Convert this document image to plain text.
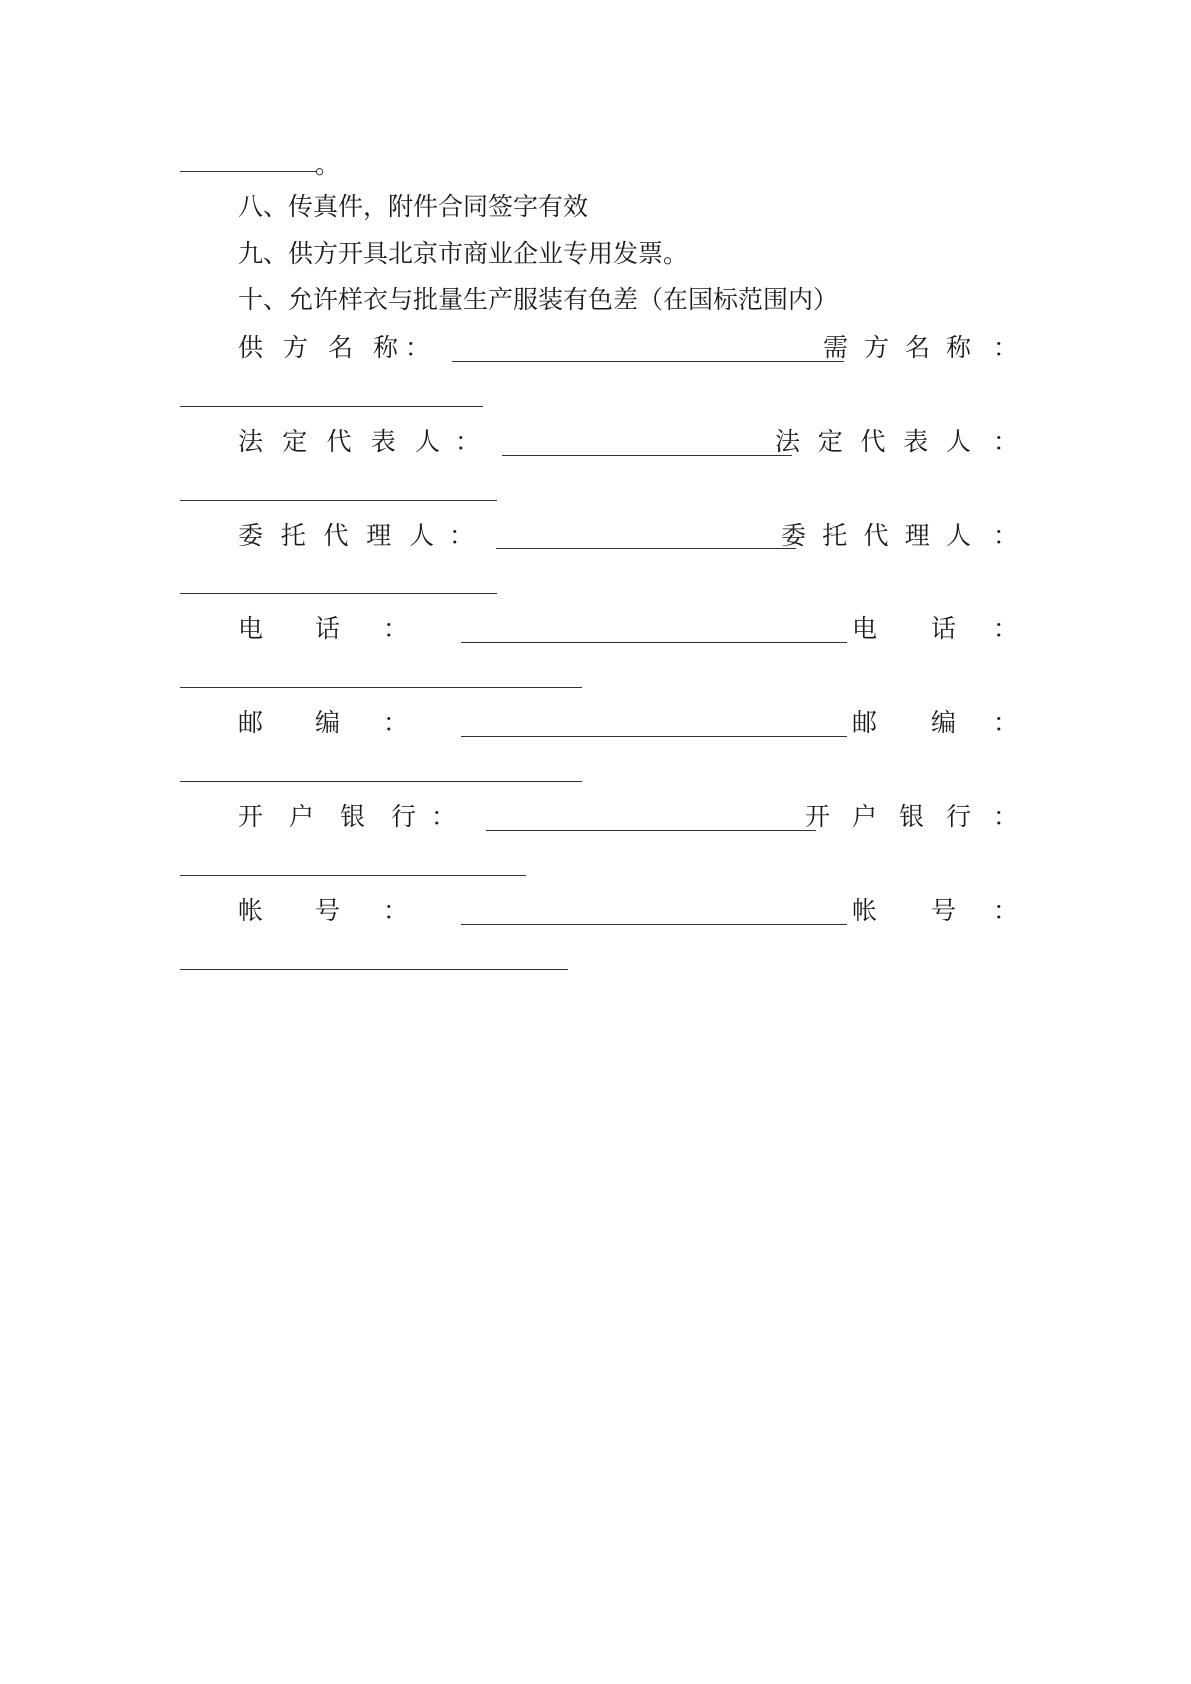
。
八、传真件，附件合同签字有效
九、供方开具北京市商业企业专用发票。
十、允许样衣与批量生产服装有色差（在国标范围内）
供 方 名 称 ：	需 方 名 称 ：
法 定 代 表 人 ：	法 定 代 表 人 ：
委 托 代 理 人 ：	委 托 代 理 人 ：
电 话 ：	电 话 ：
邮 编 ：	邮 编 ：
开 户 银 行 ：	开 户 银 行 ：
帐 号 ：	帐 号 ：
